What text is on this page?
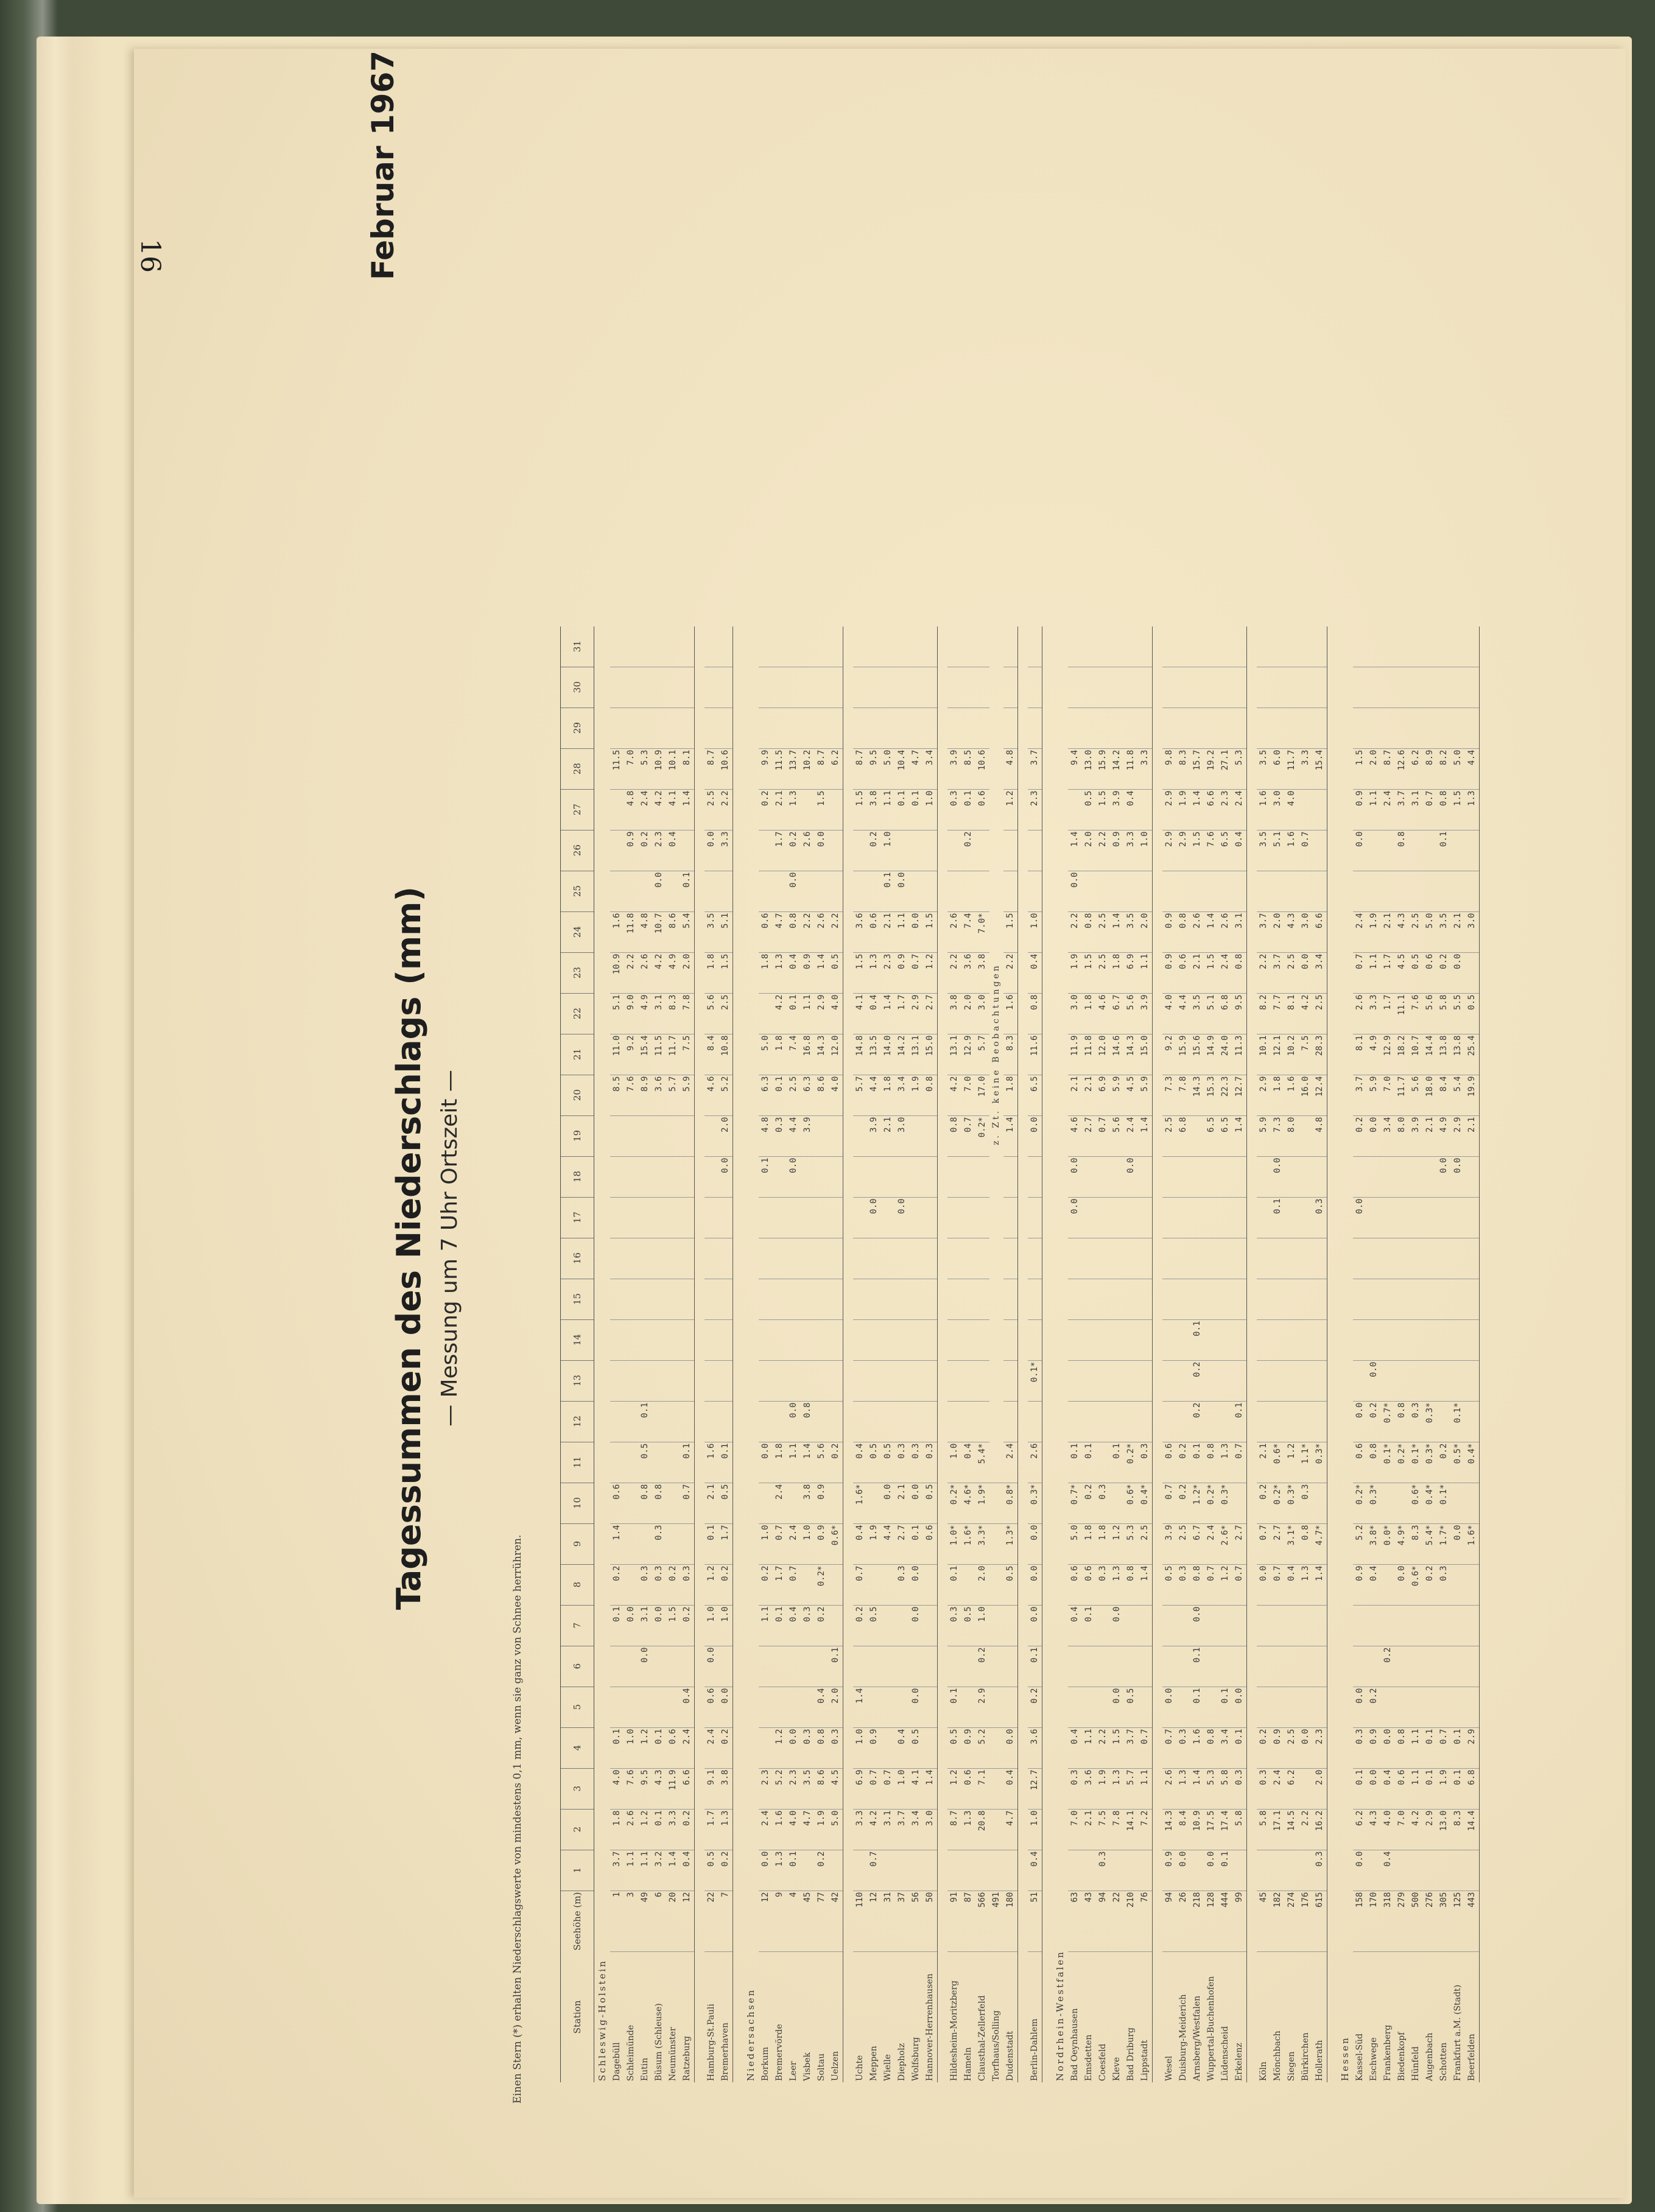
Tagessummen des Niederschlags (mm) — Messung um 7 Uhr Ortszeit —
Februar 1967
Station	Seehöhe (m)	1	2	3	4	5	6	7	8	9	10	11	12	13	14	15	16	17	18	19	20	21	22	23	24	25	26	27	28	29	30	31
Schleswig-Holstein																																
Dagebüll	1	3.7	1.8	4.0	0.1			0.1	0.2	1.4	0.6										8.5	11.0	5.1	10.9	1.6				11.5			
Schleimünde	3	1.1	2.6	7.6	1.0			0.0													7.6	9.2	9.0	2.2	11.8		0.9	4.8	7.0			
Eutin	49	1.1	1.2	9.5	1.2		0.0	3.1	0.3		0.8	0.5	0.1								8.9	15.4	4.9	2.6	4.8		0.2	2.4	5.3			
Büsum (Schleuse)	6	3.2	0.1	4.3	0.1			0.0	0.3	0.3	0.8										3.6	11.5	3.1	4.2	10.7	0.0	2.3	4.2	10.9			
Neumünster	20	1.4	3.3	11.9	0.6			1.5	0.2												5.7	11.7	8.3	4.9	8.6		0.4	4.1	10.1			
Ratzeburg	12	0.4	0.2	6.6	2.4	0.4		0.2	0.3		0.7	0.1									5.9	7.5	7.8	2.0	5.4	0.1		1.4	8.1			

Hamburg-St.Pauli	22	0.5	1.7	9.1	2.4	0.6	0.0	1.0	1.2	0.1	2.1	1.6									4.6	8.4	5.6	1.8	3.5		0.0	2.5	8.7			
Bremerhaven	7	0.2	1.3	3.8	0.2	0.0		1.0	0.2	1.7	0.5	0.1							0.0	2.0	5.2	10.8	2.5	1.5	5.1		3.3	2.2	10.6			

Niedersachsen																																
Borkum	12	0.0	2.4	2.3				1.1	0.2	1.0		0.0							0.1	4.8	6.3	5.0		1.8	0.6			0.2	9.9			
Bremervörde	9	1.3	1.6	5.2	1.2			0.1	1.7	0.7	2.4	1.8								0.3	0.1	1.8	4.2	1.3	4.7		1.7	2.1	11.5			
Leer	4	0.1	4.0	2.3	0.0			0.4	0.7	2.4		1.1	0.0						0.0	4.4	2.5	7.4	0.1	0.4	0.8	0.0	0.2	1.3	13.7			
Visbek	45		4.7	3.5	0.3			0.3		1.0	3.8	1.4	0.8							3.9	6.3	16.8	1.1	0.9	2.2		2.6		10.2			
Soltau	77	0.2	1.9	8.6	0.8	0.4		0.2	0.2*	0.9	0.9	5.6									8.6	14.3	2.9	1.4	2.6		0.0	1.5	8.7			
Uelzen	42		5.0	4.5	0.3	2.0	0.1			0.6*		0.2									4.0	12.0	4.0	0.5	2.2				6.2			

Uchte	110		3.3	6.9	1.0	1.4		0.2	0.7	0.4	1.6*	0.4									5.7	14.8	4.1	1.5	3.6			1.5	8.7			
Meppen	12	0.7	4.2	0.7	0.9			0.5		1.9		0.5						0.0		3.9	4.4	13.5	0.4	1.3	0.6		0.2	3.8	9.5			
Wielle	31		3.1	0.7						4.4	0.0	0.5								2.1	1.8	14.0	1.4	2.3	2.1	0.1	1.0	1.1	5.0			
Diepholz	37		3.7	1.0	0.4				0.3	2.7	2.1	0.3						0.0		3.0	3.4	14.2	1.7	0.9	1.1	0.0		0.1	10.4			
Wolfsburg	56		3.4	4.1	0.5	0.0		0.0	0.0	0.1	0.0	0.3									1.9	13.1	2.9	0.7	0.0			0.1	4.7			
Hannover-Herrenhausen	50		3.0	1.4						0.6	0.5	0.3									0.8	15.0	2.7	1.2	1.5			1.0	3.4			

Hildesheim-Moritzberg	91		8.7	1.2	0.5	0.1		0.3	0.1	1.0*	0.2*	1.0								0.8	4.2	13.1	3.8	2.2	2.6			0.3	3.9			
Hameln	87		1.3	0.6	0.9			0.5		1.6*	4.6*	0.4								0.7	7.0	12.9	2.0	3.6	7.4		0.2	0.1	8.5			
Clausthal-Zellerfeld	566		20.8	7.1	5.2	2.9	0.2	1.0	2.0	3.3*	1.9*	5.4*								0.2*	17.0	5.7	3.0	3.8	7.0*			0.6	10.6			
Torfhaus/Solling	491											z. Zt. keine Beobachtungen																				
Dudenstadt	180		4.7	0.4	0.0				0.5	1.3*	0.8*	2.4								1.4	1.8	8.3	1.6	2.2	1.5			1.2	4.8			

Berlin-Dahlem	51	0.4	1.0	12.7	3.6	0.2	0.1	0.0	0.0	0.0	0.3*	2.6		0.1*						0.0	6.5	11.6	0.8	0.4	1.0			2.3	3.7			

Nordrhein-Westfalen																																
Bad Oeynhausen	63		7.0	0.3	0.4			0.4	0.6	5.0	0.7*	0.1						0.0	0.0	4.6	2.1	11.9	3.0	1.9	2.2	0.0	1.4		9.4			
Emsdetten	43		2.1	3.6	1.1			0.1	0.6	1.8	0.2	0.1								2.7	2.1	11.8	1.8	1.5	0.8		2.0	0.5	13.0			
Coesfeld	94	0.3	7.5	1.9	2.2				0.3	1.8	0.3									0.7	6.9	12.0	4.6	2.5	2.5		2.2	1.5	15.9			
Kleve	22		7.8	1.3	1.5	0.0		0.0	1.3	1.2		0.1								5.6	5.9	14.6	6.7	1.8	1.4		0.9	3.9	14.2			
Bad Driburg	210		14.1	5.7	3.7	0.5			0.8	5.3	0.6*	0.2*							0.0	2.4	4.5	14.3	5.6	6.9	3.5		3.3	0.4	11.8			
Lippstadt	76		7.2	1.1	0.7				1.4	2.5	0.4*	0.3								1.4	5.9	15.0	3.9	1.1	2.0		1.0		3.3			

Wesel	94	0.9	14.3	2.6	0.7	0.0			0.5	3.9	0.7	0.6								2.5	7.3	9.2	4.0	0.9	0.9		2.9	2.9	9.8			
Duisburg-Meiderich	26	0.0	8.4	1.3	0.3				0.3	2.5	0.2	0.2								6.8	7.8	15.9	4.4	0.6	0.8		2.9	1.9	8.3			
Arnsberg/Westfalen	218		10.9	1.4	1.6	0.1	0.1	0.0	0.8	6.7	1.2*	0.1	0.2	0.2	0.1						14.3	15.6	3.5	2.1	2.6		1.5	1.4	15.7			
Wuppertal-Buchenhofen	128	0.0	17.5	5.3	0.8				0.7	2.4	0.2*	0.8								6.5	15.3	14.9	5.1	1.5	1.4		7.6	6.6	19.2			
Lüdenscheid	444	0.1	17.4	5.8	3.4	0.1			1.2	2.6*	0.3*	1.3								6.5	22.3	24.0	6.8	2.4	2.6		6.5	2.3	27.1			
Erkelenz	99		5.8	0.3	0.1	0.0			0.7	2.7		0.7	0.1							1.4	12.7	11.3	9.5	0.8	3.1		0.4	2.4	5.3			

Köln	45		5.8	0.3	0.2				0.0	0.7	0.2	2.1								5.9	2.9	10.1	8.2	2.2	3.7		3.5	1.6	3.5			
Mönchbach	182		17.1	2.4	0.9				0.7	2.7	0.2*	0.6*						0.1	0.0	7.3	1.8	12.1	7.7	3.7	2.0		5.1	3.0	6.0			
Siegen	274		14.5	6.2	2.5				0.4	3.1*	0.3*	1.2								8.0	1.6	10.2	8.1	2.5	4.3		1.6	4.0	11.7			
Bürkirchen	176		2.2		0.0				1.3	0.8	0.3	1.1*									16.0	7.5	4.2	0.0	3.0		0.7		3.3			
Hollerath	615	0.3	16.2	2.0	2.3				1.4	4.7*		0.3*						0.3		4.8	12.4	28.3	2.5	3.4	6.6				15.4			

Hessen																																
Kassel-Süd	158	0.0	6.2	0.1	0.3	0.0			0.9	5.2	0.2*	0.6	0.0					0.0		0.2	3.7	8.1	2.6	0.7	2.4		0.0	0.9	1.5			
Eschwege	170		4.3	0.0	0.9	0.2			0.4	3.8*	0.3*	0.8	0.2	0.0						0.0	5.9	4.9	3.3	1.1	1.9			1.1	2.0			
Frankenberg	318	0.4	4.0	0.4	0.0		0.2			0.0*		0.1*	0.7*							3.4	7.0	12.9	1.7	1.7	2.1			2.4	8.7			
Biedenkopf	279		7.0	0.6	0.8				0.0	4.9*		0.2*	0.8							8.0	11.7	18.2	11.1	4.5	4.3		0.8	3.7	12.6			
Hünfeld	500		4.2	1.1	1.1				0.6*	8.3	0.6*	0.1*	0.3							3.9	5.6	10.7	7.6	0.5	2.5			3.1	6.2			
Augenbach	276		2.9	0.1	0.1				0.2	5.4*	0.4*	0.3*	0.3*							2.1	18.0	14.4	5.6	0.6	5.0			0.7	8.9			
Schotten	305		13.0	1.9	0.7				0.3	1.7*	0.1*	0.2							0.0	4.9	8.4	13.8	5.8	0.2	3.5		0.1	0.8	8.2			
Frankfurt a.M. (Stadt)	125		8.3	0.1	0.1					0.0		0.5*	0.1*						0.0	2.9	5.4	13.8	5.5	0.0	2.1			1.5	5.0			
Beerfelden	443		14.4	6.8	2.9					1.6*		0.4*								2.1	19.9	25.4	0.5		3.0			1.3	4.4			

Einen Stern (*) erhalten Niederschlagswerte von mindestens 0,1 mm, wenn sie ganz von Schnee herrühren.
16
